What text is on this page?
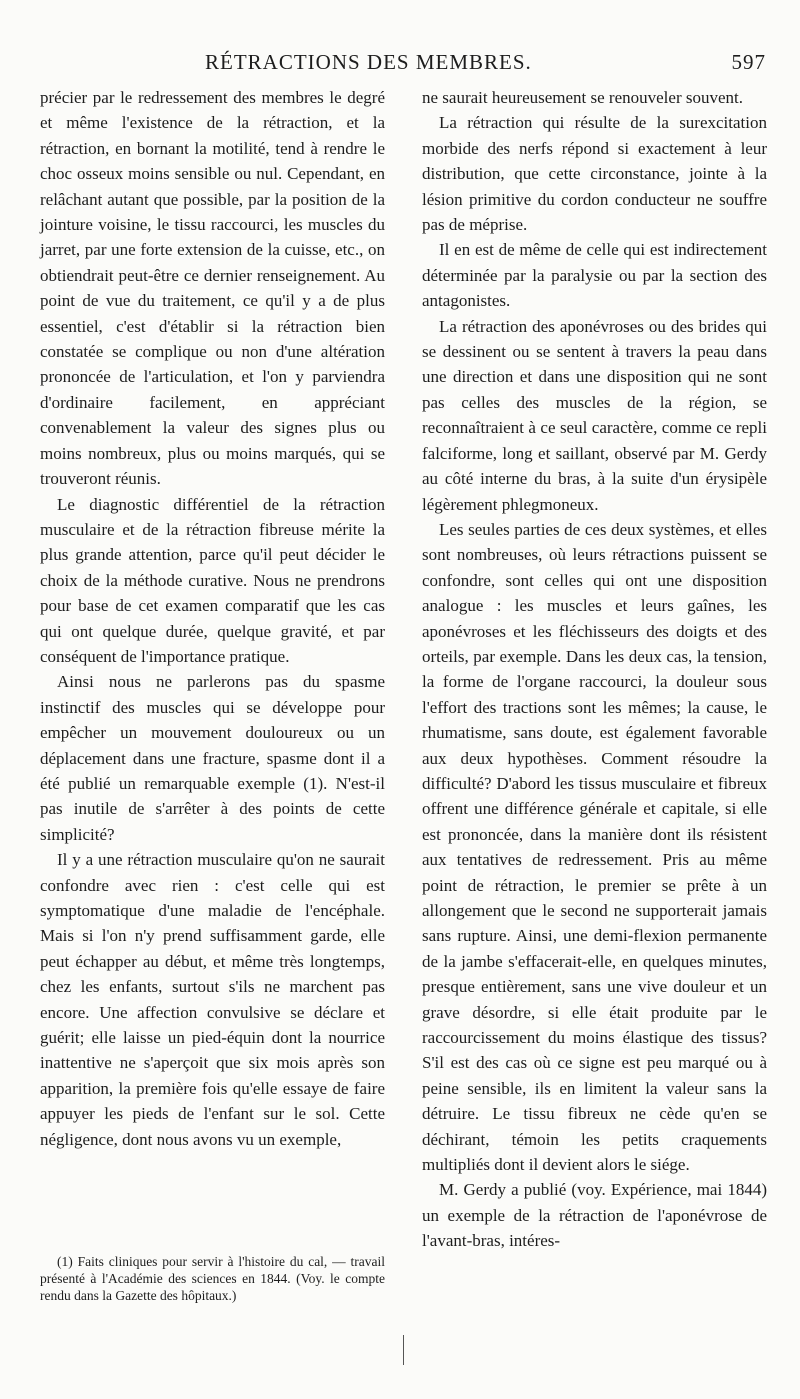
RÉTRACTIONS DES MEMBRES.	597

précier par le redressement des membres le degré et même l'existence de la rétraction, et la rétraction, en bornant la motilité, tend à rendre le choc osseux moins sensible ou nul. Cependant, en relâchant autant que possible, par la position de la jointure voisine, le tissu raccourci, les muscles du jarret, par une forte extension de la cuisse, etc., on obtiendrait peut-être ce dernier renseignement. Au point de vue du traitement, ce qu'il y a de plus essentiel, c'est d'établir si la rétraction bien constatée se complique ou non d'une altération prononcée de l'articulation, et l'on y parviendra d'ordinaire facilement, en appréciant convenablement la valeur des signes plus ou moins nombreux, plus ou moins marqués, qui se trouveront réunis.

Le diagnostic différentiel de la rétraction musculaire et de la rétraction fibreuse mérite la plus grande attention, parce qu'il peut décider le choix de la méthode curative. Nous ne prendrons pour base de cet examen comparatif que les cas qui ont quelque durée, quelque gravité, et par conséquent de l'importance pratique.

Ainsi nous ne parlerons pas du spasme instinctif des muscles qui se développe pour empêcher un mouvement douloureux ou un déplacement dans une fracture, spasme dont il a été publié un remarquable exemple (1). N'est-il pas inutile de s'arrêter à des points de cette simplicité?

Il y a une rétraction musculaire qu'on ne saurait confondre avec rien : c'est celle qui est symptomatique d'une maladie de l'encéphale. Mais si l'on n'y prend suffisamment garde, elle peut échapper au début, et même très longtemps, chez les enfants, surtout s'ils ne marchent pas encore. Une affection convulsive se déclare et guérit; elle laisse un pied-équin dont la nourrice inattentive ne s'aperçoit que six mois après son apparition, la première fois qu'elle essaye de faire appuyer les pieds de l'enfant sur le sol. Cette négligence, dont nous avons vu un exemple,

(1) Faits cliniques pour servir à l'histoire du cal, — travail présenté à l'Académie des sciences en 1844. (Voy. le compte rendu dans la Gazette des hôpitaux.)

ne saurait heureusement se renouveler souvent.

La rétraction qui résulte de la surexcitation morbide des nerfs répond si exactement à leur distribution, que cette circonstance, jointe à la lésion primitive du cordon conducteur ne souffre pas de méprise.

Il en est de même de celle qui est indirectement déterminée par la paralysie ou par la section des antagonistes.

La rétraction des aponévroses ou des brides qui se dessinent ou se sentent à travers la peau dans une direction et dans une disposition qui ne sont pas celles des muscles de la région, se reconnaîtraient à ce seul caractère, comme ce repli falciforme, long et saillant, observé par M. Gerdy au côté interne du bras, à la suite d'un érysipèle légèrement phlegmoneux.

Les seules parties de ces deux systèmes, et elles sont nombreuses, où leurs rétractions puissent se confondre, sont celles qui ont une disposition analogue : les muscles et leurs gaînes, les aponévroses et les fléchisseurs des doigts et des orteils, par exemple. Dans les deux cas, la tension, la forme de l'organe raccourci, la douleur sous l'effort des tractions sont les mêmes; la cause, le rhumatisme, sans doute, est également favorable aux deux hypothèses. Comment résoudre la difficulté? D'abord les tissus musculaire et fibreux offrent une différence générale et capitale, si elle est prononcée, dans la manière dont ils résistent aux tentatives de redressement. Pris au même point de rétraction, le premier se prête à un allongement que le second ne supporterait jamais sans rupture. Ainsi, une demi-flexion permanente de la jambe s'effacerait-elle, en quelques minutes, presque entièrement, sans une vive douleur et un grave désordre, si elle était produite par le raccourcissement du moins élastique des tissus? S'il est des cas où ce signe est peu marqué ou à peine sensible, ils en limitent la valeur sans la détruire. Le tissu fibreux ne cède qu'en se déchirant, témoin les petits craquements multipliés dont il devient alors le siége.

M. Gerdy a publié (voy. Expérience, mai 1844) un exemple de la rétraction de l'aponévrose de l'avant-bras, intéres-
